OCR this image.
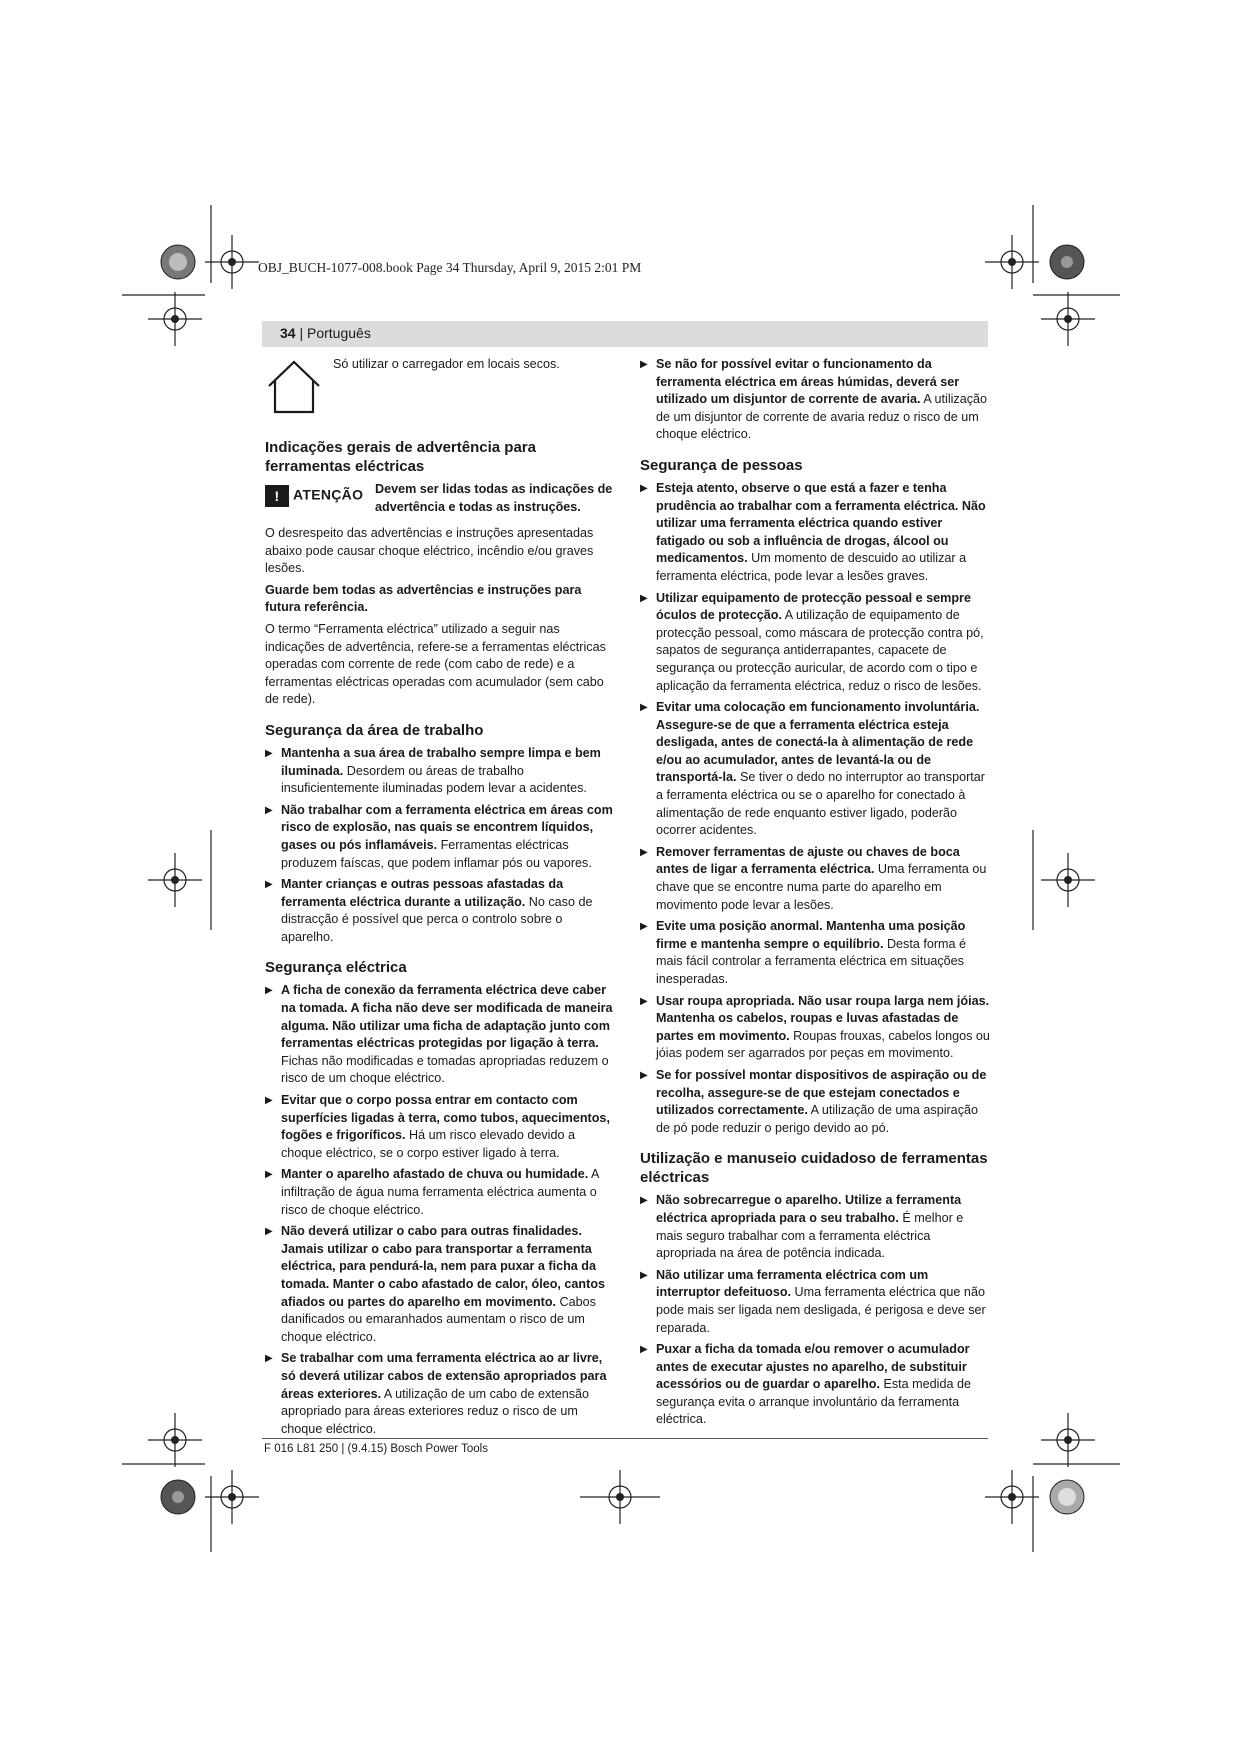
OBJ_BUCH-1077-008.book Page 34 Thursday, April 9, 2015 2:01 PM
34 | Português
Só utilizar o carregador em locais secos.
Indicações gerais de advertência para ferramentas eléctricas
! ATENÇÃO Devem ser lidas todas as indicações de advertência e todas as instruções.

O desrespeito das advertências e instruções apresentadas abaixo pode causar choque eléctrico, incêndio e/ou graves lesões.

Guarde bem todas as advertências e instruções para futura referência.

O termo “Ferramenta eléctrica” utilizado a seguir nas indicações de advertência, refere-se a ferramentas eléctricas operadas com corrente de rede (com cabo de rede) e a ferramentas eléctricas operadas com acumulador (sem cabo de rede).

Segurança da área de trabalho
▶ Mantenha a sua área de trabalho sempre limpa e bem iluminada. Desordem ou áreas de trabalho insuficientemente iluminadas podem levar a acidentes.
▶ Não trabalhar com a ferramenta eléctrica em áreas com risco de explosão, nas quais se encontrem líquidos, gases ou pós inflamáveis. Ferramentas eléctricas produzem faíscas, que podem inflamar pós ou vapores.
▶ Manter crianças e outras pessoas afastadas da ferramenta eléctrica durante a utilização. No caso de distracção é possível que perca o controlo sobre o aparelho.
Segurança eléctrica
▶ A ficha de conexão da ferramenta eléctrica deve caber na tomada. A ficha não deve ser modificada de maneira alguma. Não utilizar uma ficha de adaptação junto com ferramentas eléctricas protegidas por ligação à terra. Fichas não modificadas e tomadas apropriadas reduzem o risco de um choque eléctrico.
▶ Evitar que o corpo possa entrar em contacto com superfícies ligadas à terra, como tubos, aquecimentos, fogões e frigoríficos. Há um risco elevado devido a choque eléctrico, se o corpo estiver ligado à terra.
▶ Manter o aparelho afastado de chuva ou humidade. A infiltração de água numa ferramenta eléctrica aumenta o risco de choque eléctrico.
▶ Não deverá utilizar o cabo para outras finalidades. Jamais utilizar o cabo para transportar a ferramenta eléctrica, para pendurá-la, nem para puxar a ficha da tomada. Manter o cabo afastado de calor, óleo, cantos afiados ou partes do aparelho em movimento. Cabos danificados ou emaranhados aumentam o risco de um choque eléctrico.
▶ Se trabalhar com uma ferramenta eléctrica ao ar livre, só deverá utilizar cabos de extensão apropriados para áreas exteriores. A utilização de um cabo de extensão apropriado para áreas exteriores reduz o risco de um choque eléctrico.
▶ Se não for possível evitar o funcionamento da ferramenta eléctrica em áreas húmidas, deverá ser utilizado um disjuntor de corrente de avaria. A utilização de um disjuntor de corrente de avaria reduz o risco de um choque eléctrico.
Segurança de pessoas
▶ Esteja atento, observe o que está a fazer e tenha prudência ao trabalhar com a ferramenta eléctrica. Não utilizar uma ferramenta eléctrica quando estiver fatigado ou sob a influência de drogas, álcool ou medicamentos. Um momento de descuido ao utilizar a ferramenta eléctrica, pode levar a lesões graves.
▶ Utilizar equipamento de protecção pessoal e sempre óculos de protecção. A utilização de equipamento de protecção pessoal, como máscara de protecção contra pó, sapatos de segurança antiderrapantes, capacete de segurança ou protecção auricular, de acordo com o tipo e aplicação da ferramenta eléctrica, reduz o risco de lesões.
▶ Evitar uma colocação em funcionamento involuntária. Assegure-se de que a ferramenta eléctrica esteja desligada, antes de conectá-la à alimentação de rede e/ou ao acumulador, antes de levantá-la ou de transportá-la. Se tiver o dedo no interruptor ao transportar a ferramenta eléctrica ou se o aparelho for conectado à alimentação de rede enquanto estiver ligado, poderão ocorrer acidentes.
▶ Remover ferramentas de ajuste ou chaves de boca antes de ligar a ferramenta eléctrica. Uma ferramenta ou chave que se encontre numa parte do aparelho em movimento pode levar a lesões.
▶ Evite uma posição anormal. Mantenha uma posição firme e mantenha sempre o equilíbrio. Desta forma é mais fácil controlar a ferramenta eléctrica em situações inesperadas.
▶ Usar roupa apropriada. Não usar roupa larga nem jóias. Mantenha os cabelos, roupas e luvas afastadas de partes em movimento. Roupas frouxas, cabelos longos ou jóias podem ser agarrados por peças em movimento.
▶ Se for possível montar dispositivos de aspiração ou de recolha, assegure-se de que estejam conectados e utilizados correctamente. A utilização de uma aspiração de pó pode reduzir o perigo devido ao pó.
Utilização e manuseio cuidadoso de ferramentas eléctricas
▶ Não sobrecarregue o aparelho. Utilize a ferramenta eléctrica apropriada para o seu trabalho. É melhor e mais seguro trabalhar com a ferramenta eléctrica apropriada na área de potência indicada.
▶ Não utilizar uma ferramenta eléctrica com um interruptor defeituoso. Uma ferramenta eléctrica que não pode mais ser ligada nem desligada, é perigosa e deve ser reparada.
▶ Puxar a ficha da tomada e/ou remover o acumulador antes de executar ajustes no aparelho, de substituir acessórios ou de guardar o aparelho. Esta medida de segurança evita o arranque involuntário da ferramenta eléctrica.
F 016 L81 250 | (9.4.15) Bosch Power Tools
